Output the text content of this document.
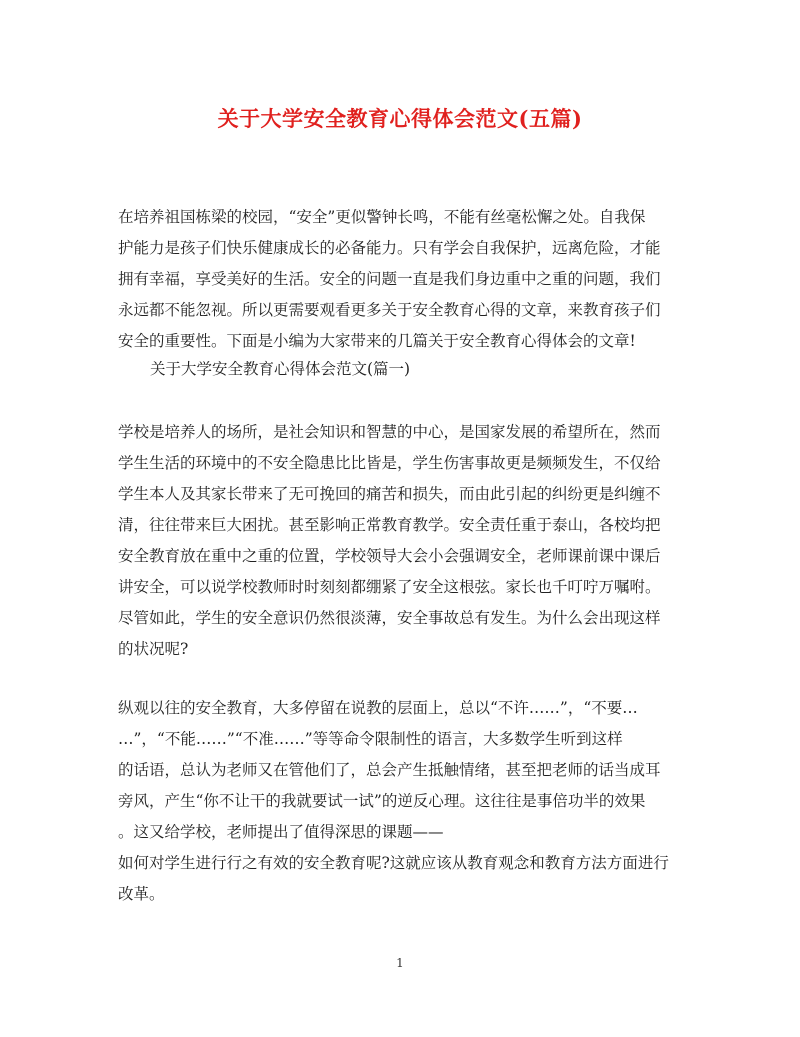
关于大学安全教育心得体会范文(五篇)

在培养祖国栋梁的校园，“安全”更似警钟长鸣，不能有丝毫松懈之处。自我保
护能力是孩子们快乐健康成长的必备能力。只有学会自我保护，远离危险，才能
拥有幸福，享受美好的生活。安全的问题一直是我们身边重中之重的问题，我们
永远都不能忽视。所以更需要观看更多关于安全教育心得的文章，来教育孩子们
安全的重要性。下面是小编为大家带来的几篇关于安全教育心得体会的文章!

关于大学安全教育心得体会范文(篇一)

学校是培养人的场所，是社会知识和智慧的中心，是国家发展的希望所在，然而
学生生活的环境中的不安全隐患比比皆是，学生伤害事故更是频频发生，不仅给
学生本人及其家长带来了无可挽回的痛苦和损失，而由此引起的纠纷更是纠缠不
清，往往带来巨大困扰。甚至影响正常教育教学。安全责任重于泰山，各校均把
安全教育放在重中之重的位置，学校领导大会小会强调安全，老师课前课中课后
讲安全，可以说学校教师时时刻刻都绷紧了安全这根弦。家长也千叮咛万嘱咐。
尽管如此，学生的安全意识仍然很淡薄，安全事故总有发生。为什么会出现这样
的状况呢?

纵观以往的安全教育，大多停留在说教的层面上，总以“不许……”，“不要…
…”，“不能……”“不准……”等等命令限制性的语言，大多数学生听到这样
的话语，总认为老师又在管他们了，总会产生抵触情绪，甚至把老师的话当成耳
旁风，产生“你不让干的我就要试一试”的逆反心理。这往往是事倍功半的效果
。这又给学校，老师提出了值得深思的课题——
如何对学生进行行之有效的安全教育呢?这就应该从教育观念和教育方法方面进行
改革。

1
